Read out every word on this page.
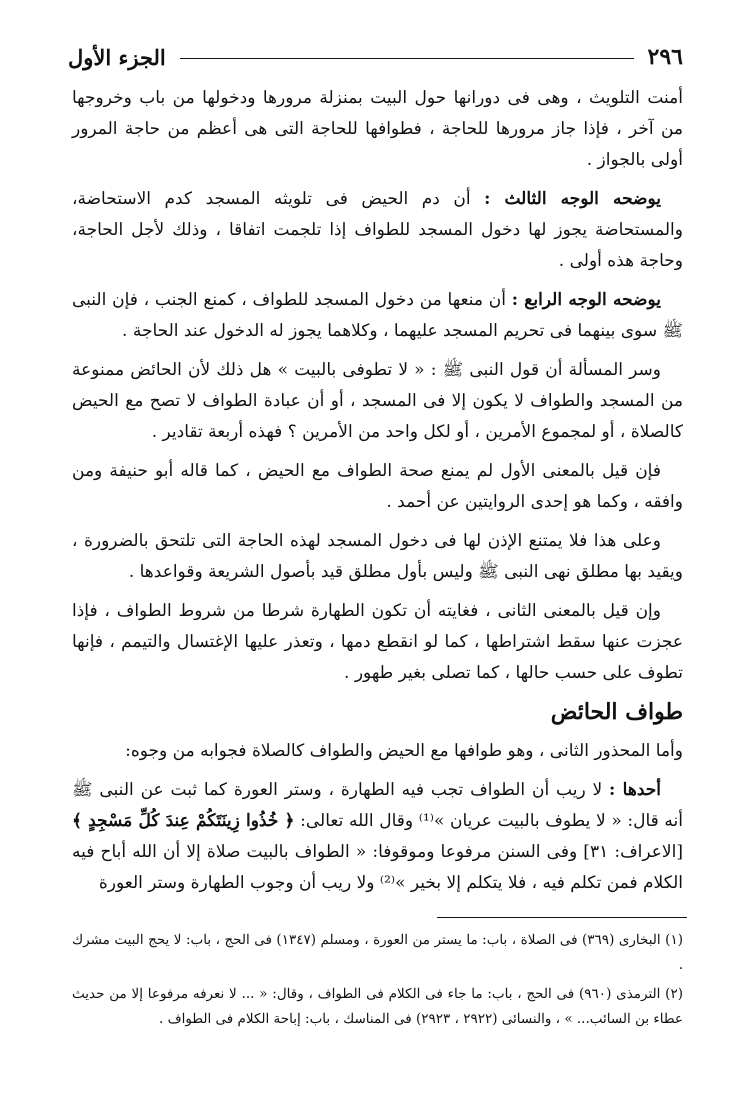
٢٩٦
الجزء الأول

أمنت التلويث ، وهى فى دورانها حول البيت بمنزلة مرورها ودخولها من باب وخروجها من آخر ، فإذا جاز مرورها للحاجة ، فطوافها للحاجة التى هى أعظم من حاجة المرور أولى بالجواز .

يوضحه الوجه الثالث : أن دم الحيض فى تلويثه المسجد كدم الاستحاضة، والمستحاضة يجوز لها دخول المسجد للطواف إذا تلجمت اتفاقا ، وذلك لأجل الحاجة، وحاجة هذه أولى .

يوضحه الوجه الرابع : أن منعها من دخول المسجد للطواف ، كمنع الجنب ، فإن النبى ﷺ سوى بينهما فى تحريم المسجد عليهما ، وكلاهما يجوز له الدخول عند الحاجة .

وسر المسألة أن قول النبى ﷺ : « لا تطوفى بالبيت » هل ذلك لأن الحائض ممنوعة من المسجد والطواف لا يكون إلا فى المسجد ، أو أن عبادة الطواف لا تصح مع الحيض كالصلاة ، أو لمجموع الأمرين ، أو لكل واحد من الأمرين ؟ فهذه أربعة تقادير .

فإن قيل بالمعنى الأول لم يمنع صحة الطواف مع الحيض ، كما قاله أبو حنيفة ومن وافقه ، وكما هو إحدى الروايتين عن أحمد .

وعلى هذا فلا يمتنع الإذن لها فى دخول المسجد لهذه الحاجة التى تلتحق بالضرورة ، ويقيد بها مطلق نهى النبى ﷺ وليس بأول مطلق قيد بأصول الشريعة وقواعدها .

وإن قيل بالمعنى الثانى ، فغايته أن تكون الطهارة شرطا من شروط الطواف ، فإذا عجزت عنها سقط اشتراطها ، كما لو انقطع دمها ، وتعذر عليها الإغتسال والتيمم ، فإنها تطوف على حسب حالها ، كما تصلى بغير طهور .

طواف الحائض

وأما المحذور الثانى ، وهو طوافها مع الحيض والطواف كالصلاة فجوابه من وجوه:

أحدها : لا ريب أن الطواف تجب فيه الطهارة ، وستر العورة كما ثبت عن النبى ﷺ أنه قال: « لا يطوف بالبيت عريان »⁽¹⁾ وقال الله تعالى: ﴿ خُذُوا زِينَتَكُمْ عِندَ كُلِّ مَسْجِدٍ ﴾ [الاعراف: ٣١] وفى السنن مرفوعا وموقوفا: « الطواف بالبيت صلاة إلا أن الله أباح فيه الكلام فمن تكلم فيه ، فلا يتكلم إلا بخير »⁽²⁾ ولا ريب أن وجوب الطهارة وستر العورة

(١) البخارى (٣٦٩) فى الصلاة ، باب: ما يستر من العورة ، ومسلم (١٣٤٧) فى الحج ، باب: لا يحج البيت مشرك .

(٢) الترمذى (٩٦٠) فى الحج ، باب: ما جاء فى الكلام فى الطواف ، وقال: « ... لا نعرفه مرفوعا إلا من حديث عطاء بن السائب... » ، والنسائى (٢٩٢٢ ، ٢٩٢٣) فى المناسك ، باب: إباحة الكلام فى الطواف .
